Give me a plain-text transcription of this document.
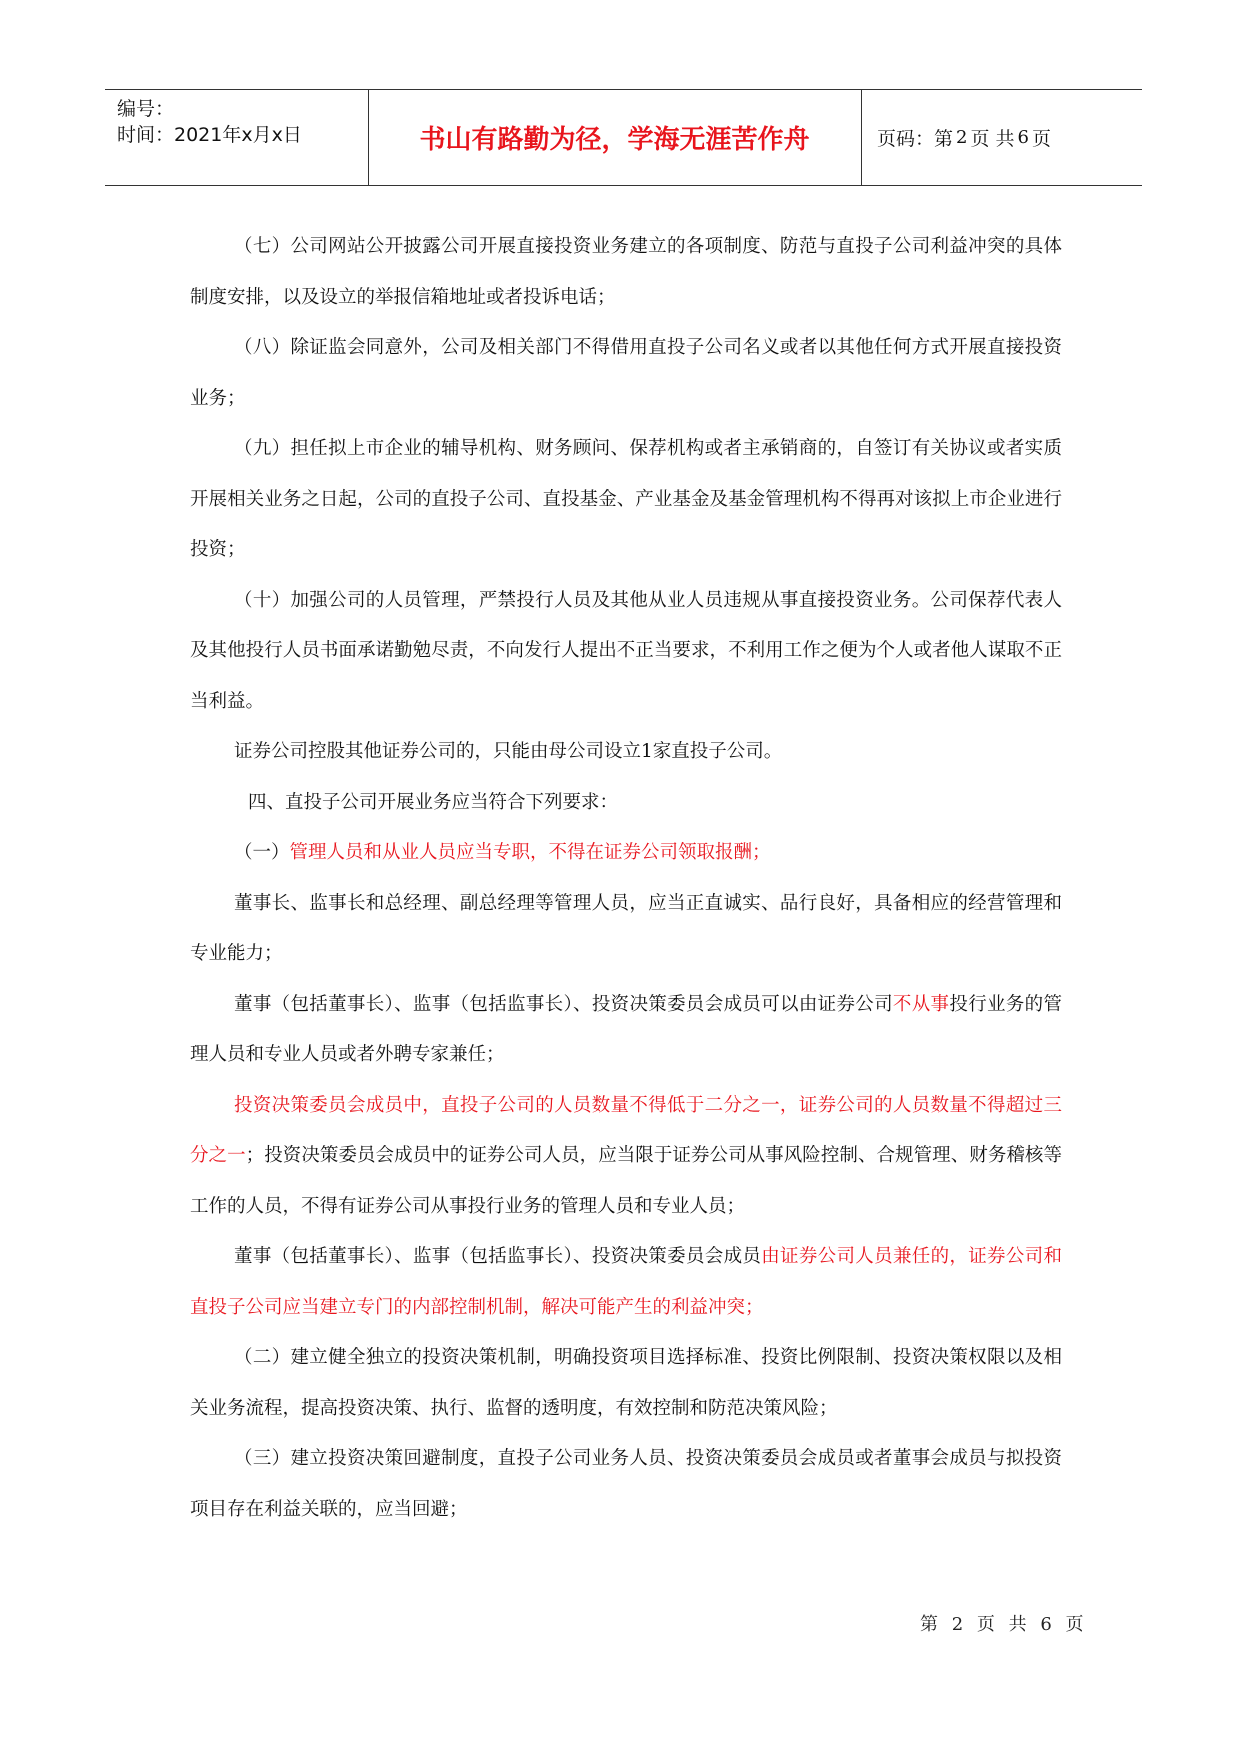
编号：
时间：2021年x月x日	书山有路勤为径，学海无涯苦作舟	页码：第 2 页 共 6 页

（七）公司网站公开披露公司开展直接投资业务建立的各项制度、防范与直投子公司利益冲突的具体制度安排，以及设立的举报信箱地址或者投诉电话；

（八）除证监会同意外，公司及相关部门不得借用直投子公司名义或者以其他任何方式开展直接投资业务；

（九）担任拟上市企业的辅导机构、财务顾问、保荐机构或者主承销商的，自签订有关协议或者实质开展相关业务之日起，公司的直投子公司、直投基金、产业基金及基金管理机构不得再对该拟上市企业进行投资；

（十）加强公司的人员管理，严禁投行人员及其他从业人员违规从事直接投资业务。公司保荐代表人及其他投行人员书面承诺勤勉尽责，不向发行人提出不正当要求，不利用工作之便为个人或者他人谋取不正当利益。

证券公司控股其他证券公司的，只能由母公司设立1家直投子公司。

四、直投子公司开展业务应当符合下列要求：

（一）管理人员和从业人员应当专职，不得在证券公司领取报酬；

董事长、监事长和总经理、副总经理等管理人员，应当正直诚实、品行良好，具备相应的经营管理和专业能力；

董事（包括董事长）、监事（包括监事长）、投资决策委员会成员可以由证券公司不从事投行业务的管理人员和专业人员或者外聘专家兼任；

投资决策委员会成员中，直投子公司的人员数量不得低于二分之一，证券公司的人员数量不得超过三分之一；投资决策委员会成员中的证券公司人员，应当限于证券公司从事风险控制、合规管理、财务稽核等工作的人员，不得有证券公司从事投行业务的管理人员和专业人员；

董事（包括董事长）、监事（包括监事长）、投资决策委员会成员由证券公司人员兼任的，证券公司和直投子公司应当建立专门的内部控制机制，解决可能产生的利益冲突；

（二）建立健全独立的投资决策机制，明确投资项目选择标准、投资比例限制、投资决策权限以及相关业务流程，提高投资决策、执行、监督的透明度，有效控制和防范决策风险；

（三）建立投资决策回避制度，直投子公司业务人员、投资决策委员会成员或者董事会成员与拟投资项目存在利益关联的，应当回避；

第 2 页 共 6 页
